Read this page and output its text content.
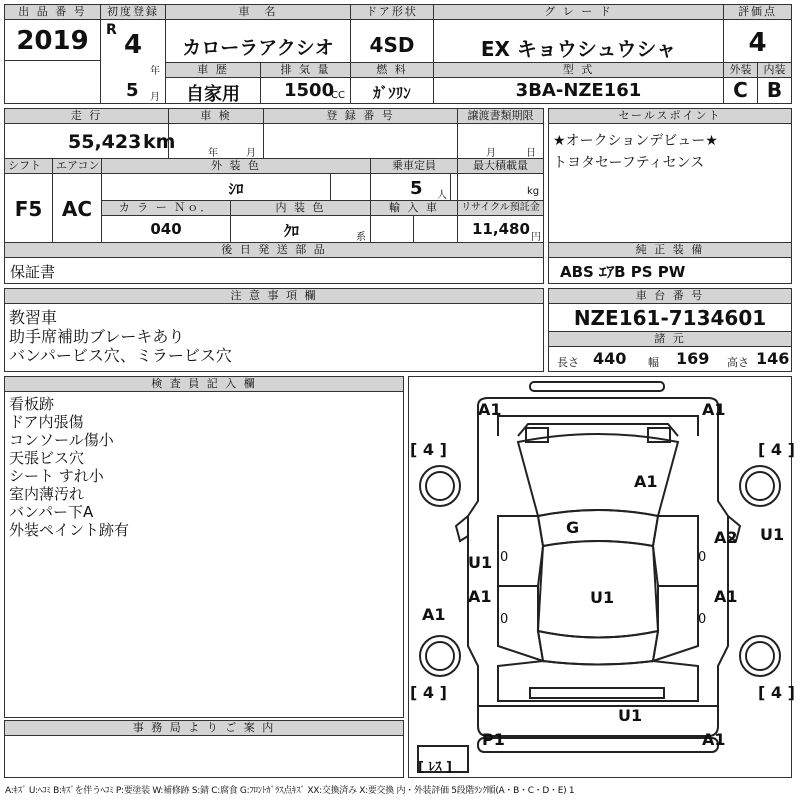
出 品 番 号
2019
初度登録
R 4
年
5 月
車　名
カローラアクシオ
ドア形状
4SD
グ レ ー ド
EX キョウシュウシャ
評価点
4
車 歴
自家用
排 気 量
1500
CC
燃 料
ｶﾞｿﾘﾝ
型 式
3BA-NZE161
外装	内装
C B
走 行
55,423 km
車 検
年	月
登 録 番 号	譲渡書類期限
月	日
シフト
F5
エアコン
AC
外 装 色
ｼﾛ
乗車定員
5 人
最大積載量
kg
カ ラ ー Ｎｏ．
040
内 装 色
ｸﾛ	系
輸 入 車	リサイクル預託金
11,480 円
後 日 発 送 部 品
保証書
セールスポイント
★オークションデビュー★
トヨタセーフティセンス
純 正 装 備
ABS ｴｱB PS PW
注 意 事 項 欄
教習車
助手席補助ブレーキあり
バンパービス穴、ミラービス穴
車 台 番 号
NZE161-7134601
諸 元
長さ 440 幅 169 高さ 146
検 査 員 記 入 欄
看板跡
ドア内張傷
コンソール傷小
天張ビス穴
シート すれ小
室内薄汚れ
バンパー下A
外装ペイント跡有
事 務 局 よ り ご 案 内
A1	A1
[ 4 ]	[ 4 ]
A1
G
A2 U1
U1 0	0
A1	U1	A1
A1	0	0
[ 4 ]	[ 4 ]
U1
P1	A1
[ ﾚｽ ]
A:ｷｽﾞ U:ﾍｺﾐ B:ｷｽﾞを伴うﾍｺﾐ P:要塗装 W:補修跡 S:錆 C:腐食 G:ﾌﾛﾝﾄｶﾞﾗｽ点ｷｽﾞ XX:交換済み X:要交換 内・外装評価 5段階ﾗﾝｸ順(A・B・C・D・E) 1
